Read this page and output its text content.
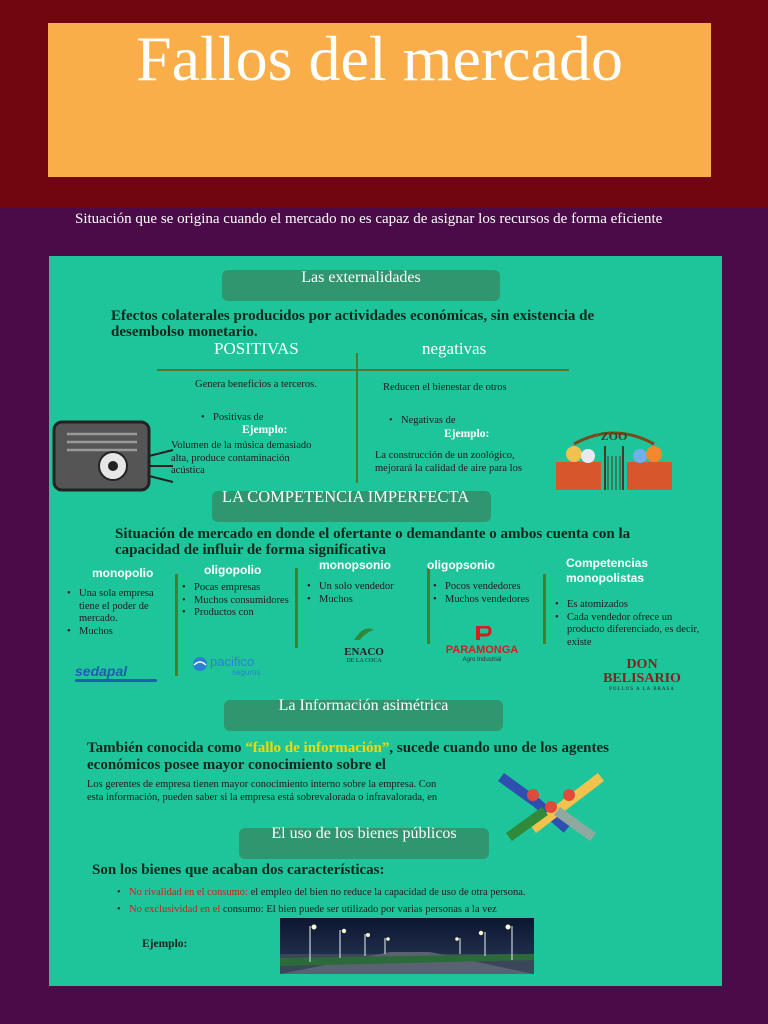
Fallos del mercado
Situación que se origina cuando el mercado no es capaz de asignar los recursos de forma eficiente
Las externalidades
Efectos colaterales producidos por actividades económicas, sin existencia de desembolso monetario.
POSITIVAS	negativas
Genera beneficios a terceros.
• Positivas de
Ejemplo:
Volumen de la música demasiado alta, produce contaminación acústica
Reducen el bienestar de otros
• Negativas de
Ejemplo:
La construcción de un zoológico, mejorará la calidad de aire para los
ZOO
LA COMPETENCIA IMPERFECTA
Situación de mercado en donde el ofertante o demandante o ambos cuenta con la capacidad de influir de forma significativa
monopolio
• Una sola empresa tiene el poder de mercado.
• Muchos
sedapal
oligopolio
• Pocas empresas
• Muchos consumidores
• Productos con
pacifico
seguros
monopsonio
• Un solo vendedor
• Muchos
ENACO
DE LA COCA
oligopsonio
• Pocos vendedores
• Muchos vendedores
PARAMONGA
Agro Industrial
Competencias monopolistas
• Es atomizados
• Cada vendedor ofrece un producto diferenciado, es decir, existe
DON BELISARIO
POLLOS A LA BRASA
La Información asimétrica
También conocida como “fallo de información”, sucede cuando uno de los agentes económicos posee mayor conocimiento sobre el
Los gerentes de empresa tienen mayor conocimiento interno sobre la empresa. Con esta información, pueden saber si la empresa está sobrevalorada o infravalorada, en
El uso de los bienes públicos
Son los bienes que acaban dos características:
• No rivalidad en el consumo: el empleo del bien no reduce la capacidad de uso de otra persona.
• No exclusividad en el consumo: El bien puede ser utilizado por varias personas a la vez
Ejemplo:
